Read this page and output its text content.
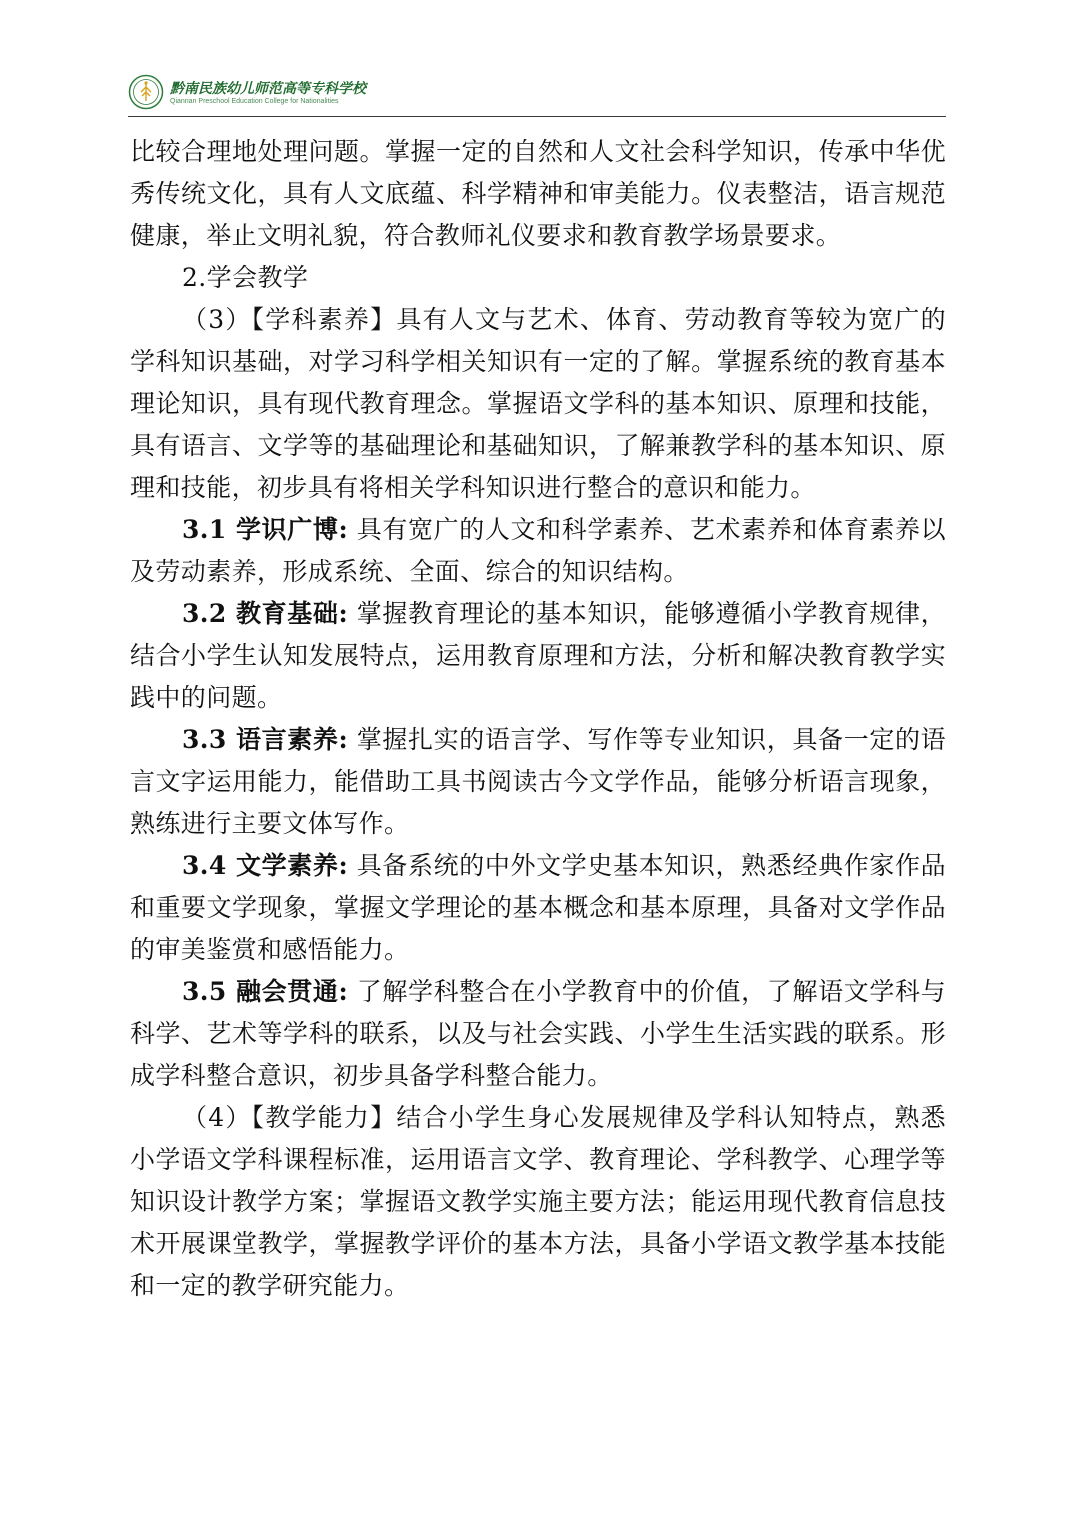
黔南民族幼儿师范高等专科学校
Qiannan Preschool Education College for Nationalities

比较合理地处理问题。掌握一定的自然和人文社会科学知识，传承中华优秀传统文化，具有人文底蕴、科学精神和审美能力。仪表整洁，语言规范健康，举止文明礼貌，符合教师礼仪要求和教育教学场景要求。

2.学会教学

（3）【学科素养】具有人文与艺术、体育、劳动教育等较为宽广的学科知识基础，对学习科学相关知识有一定的了解。掌握系统的教育基本理论知识，具有现代教育理念。掌握语文学科的基本知识、原理和技能，具有语言、文学等的基础理论和基础知识，了解兼教学科的基本知识、原理和技能，初步具有将相关学科知识进行整合的意识和能力。

3.1 学识广博: 具有宽广的人文和科学素养、艺术素养和体育素养以及劳动素养，形成系统、全面、综合的知识结构。

3.2 教育基础: 掌握教育理论的基本知识，能够遵循小学教育规律，结合小学生认知发展特点，运用教育原理和方法，分析和解决教育教学实践中的问题。

3.3 语言素养: 掌握扎实的语言学、写作等专业知识，具备一定的语言文字运用能力，能借助工具书阅读古今文学作品，能够分析语言现象，熟练进行主要文体写作。

3.4 文学素养: 具备系统的中外文学史基本知识，熟悉经典作家作品和重要文学现象，掌握文学理论的基本概念和基本原理，具备对文学作品的审美鉴赏和感悟能力。

3.5 融会贯通: 了解学科整合在小学教育中的价值，了解语文学科与科学、艺术等学科的联系，以及与社会实践、小学生生活实践的联系。形成学科整合意识，初步具备学科整合能力。

（4）【教学能力】结合小学生身心发展规律及学科认知特点，熟悉小学语文学科课程标准，运用语言文学、教育理论、学科教学、心理学等知识设计教学方案；掌握语文教学实施主要方法；能运用现代教育信息技术开展课堂教学，掌握教学评价的基本方法，具备小学语文教学基本技能和一定的教学研究能力。
